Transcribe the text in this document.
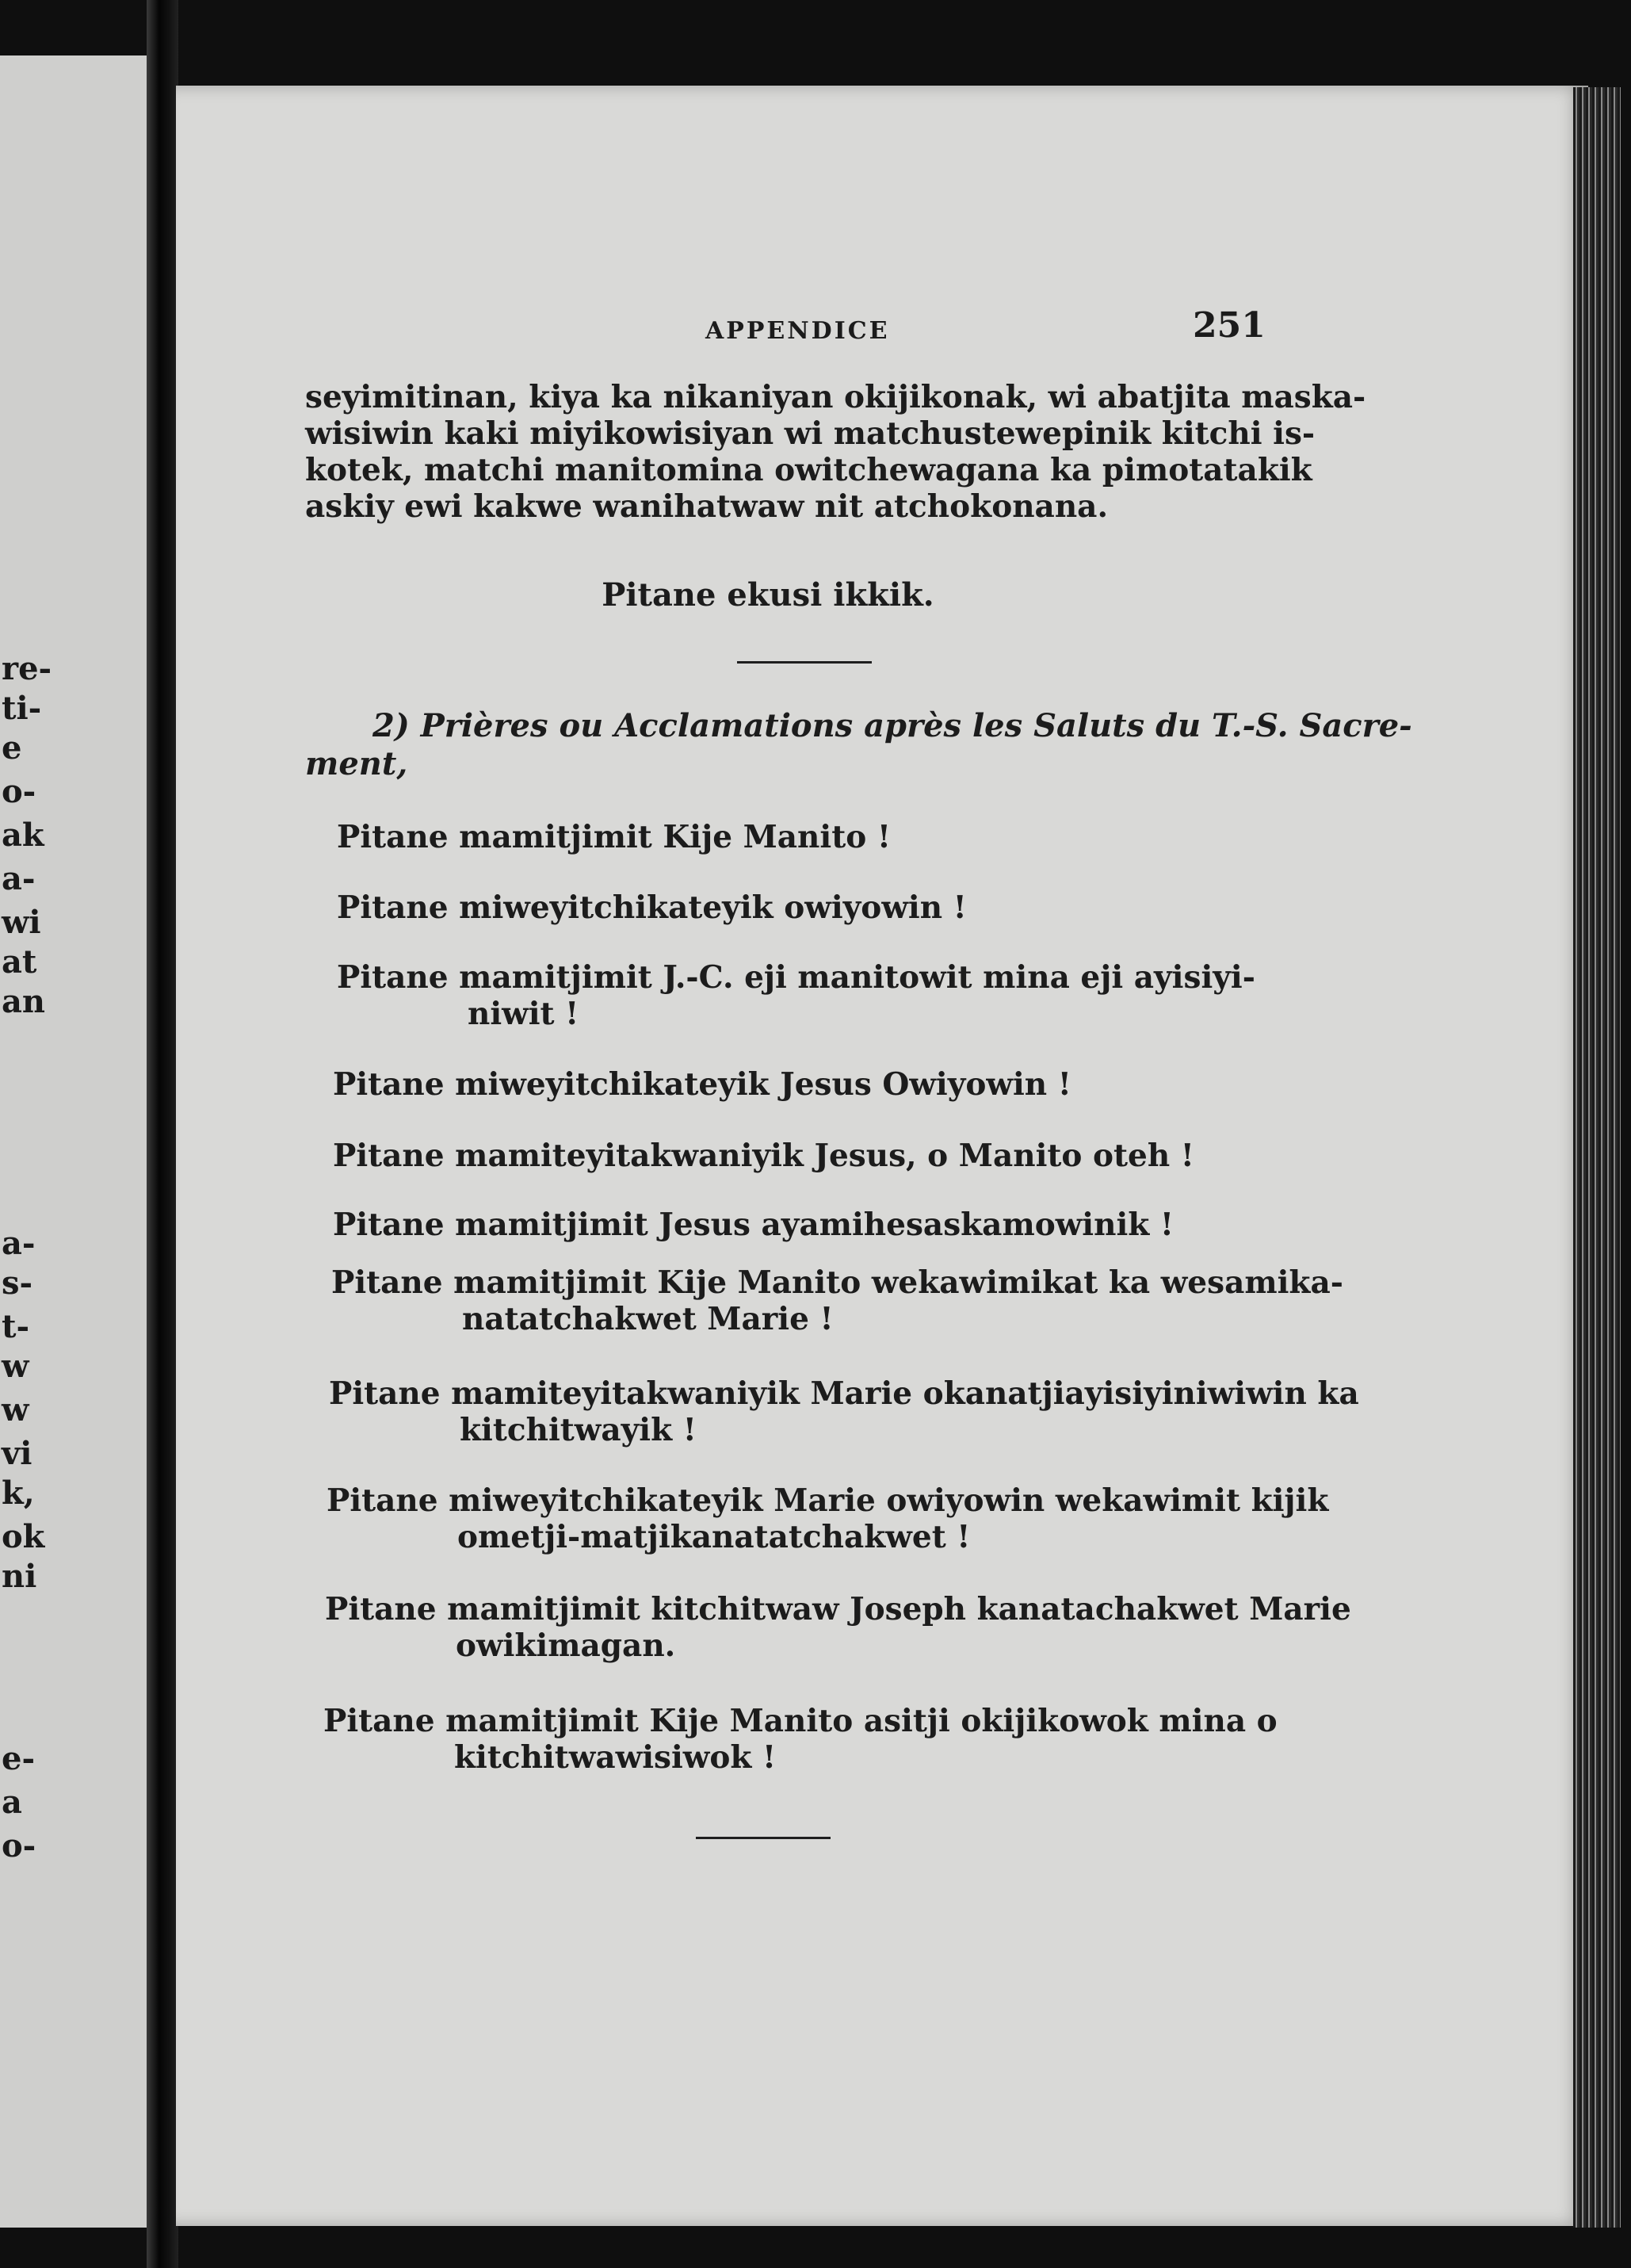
re-
ti-
e
o-
ak
a-
wi
at
an
a-
s-
t-
w
w
vi
k,
ok
ni
e-
a
o-
APPENDICE	251
seyimitinan, kiya ka nikaniyan okijikonak, wi abatjita maska-
wisiwin kaki miyikowisiyan wi matchustewepinik kitchi is-
kotek, matchi manitomina owitchewagana ka pimotatakik
askiy ewi kakwe wanihatwaw nit atchokonana.
Pitane ekusi ikkik.
2) Prières ou Acclamations après les Saluts du T.-S. Sacre-
ment,
Pitane mamitjimit Kije Manito !
Pitane miweyitchikateyik owiyowin !
Pitane mamitjimit J.-C. eji manitowit mina eji ayisiyi-
niwit !
Pitane miweyitchikateyik Jesus Owiyowin !
Pitane mamiteyitakwaniyik Jesus, o Manito oteh !
Pitane mamitjimit Jesus ayamihesaskamowinik !
Pitane mamitjimit Kije Manito wekawimikat ka wesamika-
natatchakwet Marie !
Pitane mamiteyitakwaniyik Marie okanatjiayisiyiniwiwin ka
kitchitwayik !
Pitane miweyitchikateyik Marie owiyowin wekawimit kijik
ometji-matjikanatatchakwet !
Pitane mamitjimit kitchitwaw Joseph kanatachakwet Marie
owikimagan.
Pitane mamitjimit Kije Manito asitji okijikowok mina o
kitchitwawisiwok !
